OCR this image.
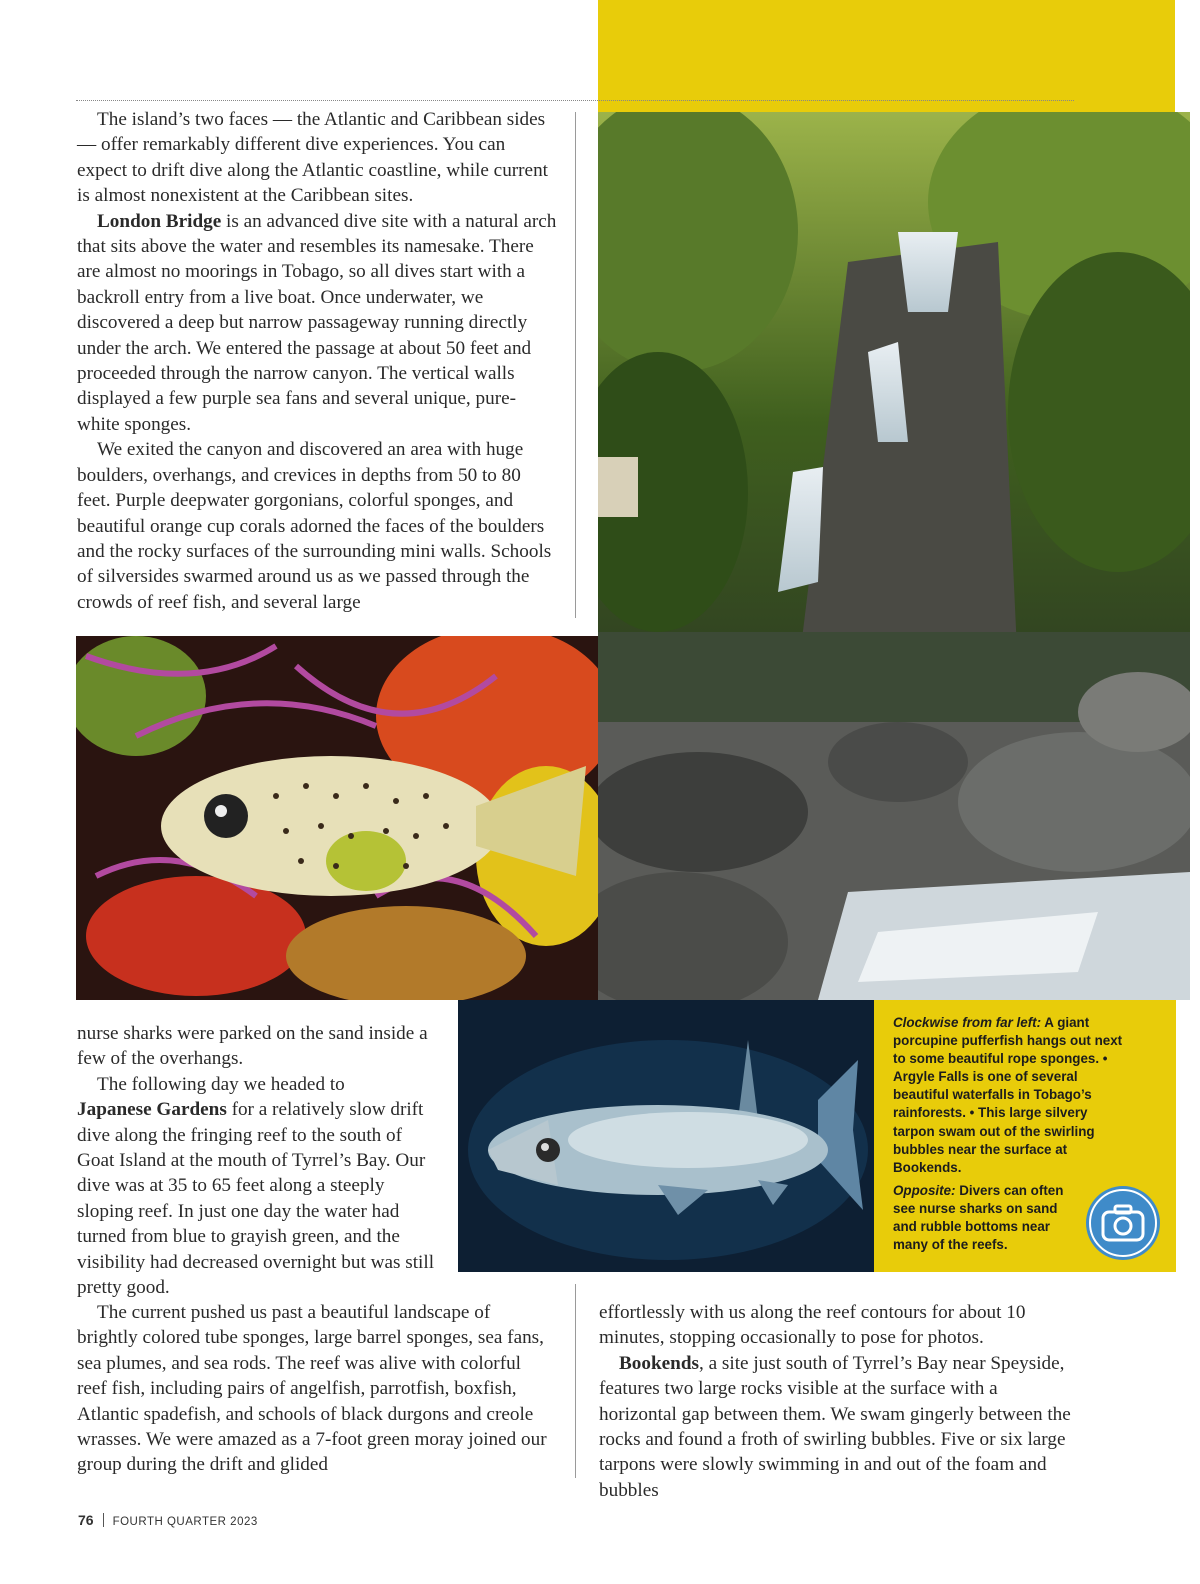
The island’s two faces — the Atlantic and Caribbean sides — offer remarkably different dive experiences. You can expect to drift dive along the Atlantic coastline, while current is almost nonexistent at the Caribbean sites.

London Bridge is an advanced dive site with a natural arch that sits above the water and resembles its namesake. There are almost no moorings in Tobago, so all dives start with a backroll entry from a live boat. Once underwater, we discovered a deep but narrow passageway running directly under the arch. We entered the passage at about 50 feet and proceeded through the narrow canyon. The vertical walls displayed a few purple sea fans and several unique, pure-white sponges.

We exited the canyon and discovered an area with huge boulders, overhangs, and crevices in depths from 50 to 80 feet. Purple deepwater gorgonians, colorful sponges, and beautiful orange cup corals adorned the faces of the boulders and the rocky surfaces of the surrounding mini walls. Schools of silversides swarmed around us as we passed through the crowds of reef fish, and several large

nurse sharks were parked on the sand inside a few of the overhangs.

The following day we headed to

Japanese Gardens for a relatively slow drift dive along the fringing reef to the south of Goat Island at the mouth of Tyrrel’s Bay. Our dive was at 35 to 65 feet along a steeply sloping reef. In just one day the water had turned from blue to grayish green, and the visibility had decreased overnight but was still pretty good.

The current pushed us past a beautiful landscape of brightly colored tube sponges, large barrel sponges, sea fans, sea plumes, and sea rods. The reef was alive with colorful reef fish, including pairs of angelfish, parrotfish, boxfish, Atlantic spadefish, and schools of black durgons and creole wrasses. We were amazed as a 7-foot green moray joined our group during the drift and glided

effortlessly with us along the reef contours for about 10 minutes, stopping occasionally to pose for photos.

Bookends, a site just south of Tyrrel’s Bay near Speyside, features two large rocks visible at the surface with a horizontal gap between them. We swam gingerly between the rocks and found a froth of swirling bubbles. Five or six large tarpons were slowly swimming in and out of the foam and bubbles

Clockwise from far left: A giant porcupine pufferfish hangs out next to some beautiful rope sponges. • Argyle Falls is one of several beautiful waterfalls in Tobago’s rainforests. • This large silvery tarpon swam out of the swirling bubbles near the surface at Bookends.

Opposite: Divers can often see nurse sharks on sand and rubble bottoms near many of the reefs.

76 FOURTH QUARTER 2023
